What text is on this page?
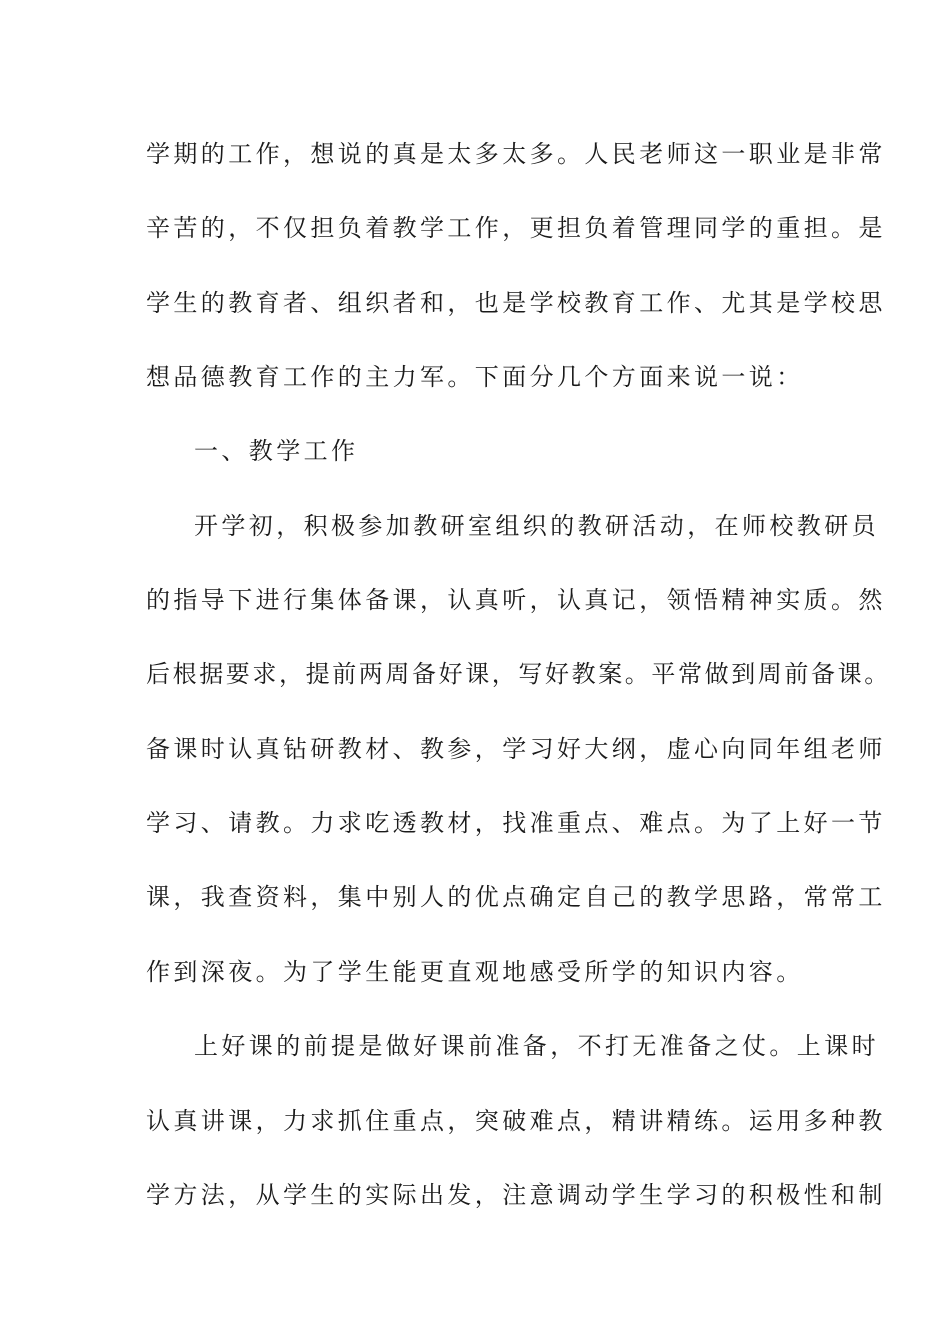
学期的工作，想说的真是太多太多。人民老师这一职业是非常
辛苦的，不仅担负着教学工作，更担负着管理同学的重担。是
学生的教育者、组织者和，也是学校教育工作、尤其是学校思
想品德教育工作的主力军。下面分几个方面来说一说：
一、教学工作
开学初，积极参加教研室组织的教研活动，在师校教研员
的指导下进行集体备课，认真听，认真记，领悟精神实质。然
后根据要求，提前两周备好课，写好教案。平常做到周前备课。
备课时认真钻研教材、教参，学习好大纲，虚心向同年组老师
学习、请教。力求吃透教材，找准重点、难点。为了上好一节
课，我查资料，集中别人的优点确定自己的教学思路，常常工
作到深夜。为了学生能更直观地感受所学的知识内容。
上好课的前提是做好课前准备，不打无准备之仗。上课时
认真讲课，力求抓住重点，突破难点，精讲精练。运用多种教
学方法，从学生的实际出发，注意调动学生学习的积极性和制
